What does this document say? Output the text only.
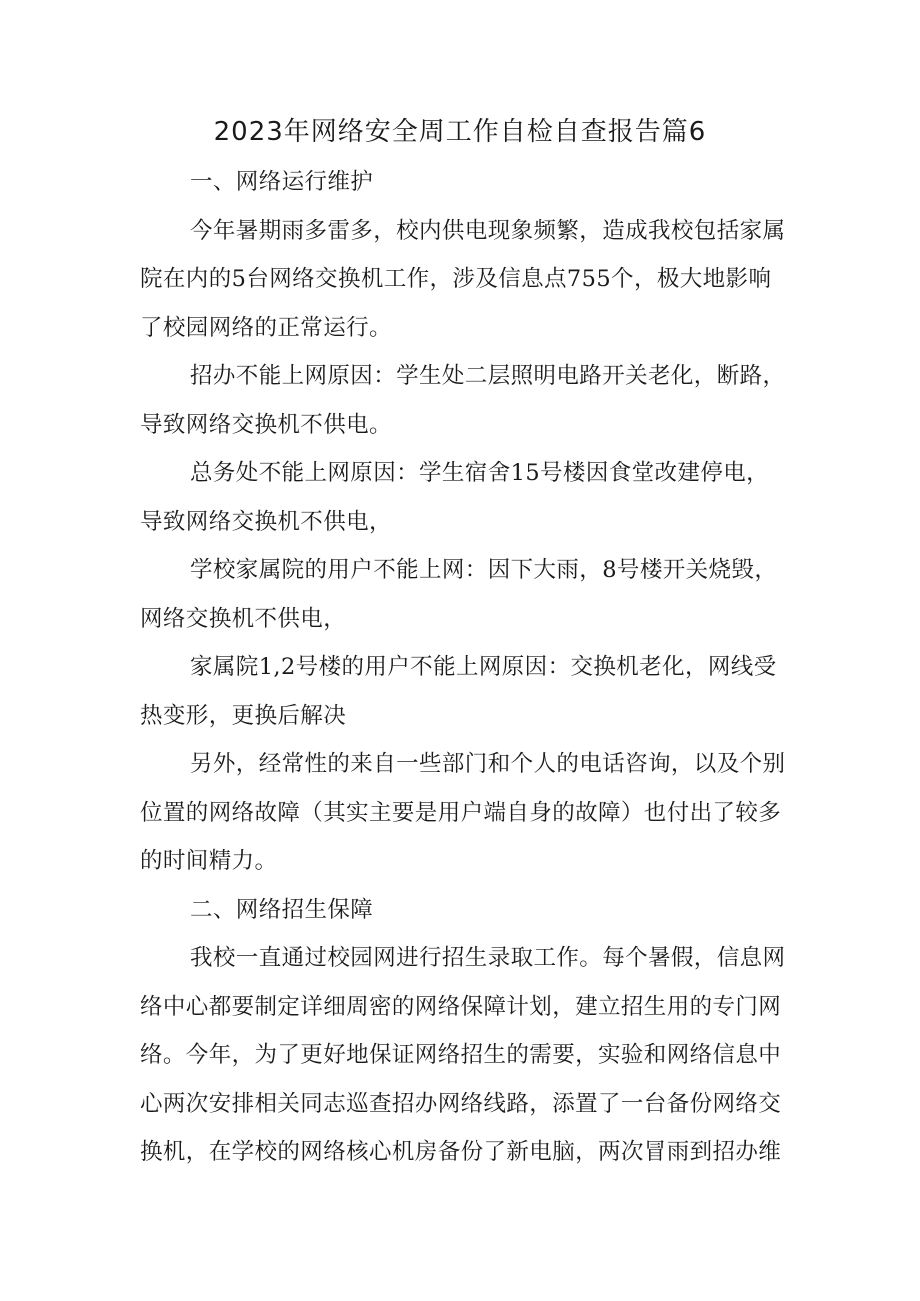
2023年网络安全周工作自检自查报告篇6

一、网络运行维护

今年暑期雨多雷多，校内供电现象频繁，造成我校包括家属

院在内的5台网络交换机工作，涉及信息点755个，极大地影响

了校园网络的正常运行。

招办不能上网原因：学生处二层照明电路开关老化，断路，

导致网络交换机不供电。

总务处不能上网原因：学生宿舍15号楼因食堂改建停电，

导致网络交换机不供电，

学校家属院的用户不能上网：因下大雨，8号楼开关烧毁，

网络交换机不供电，

家属院1,2号楼的用户不能上网原因：交换机老化，网线受

热变形，更换后解决

另外，经常性的来自一些部门和个人的电话咨询，以及个别

位置的网络故障（其实主要是用户端自身的故障）也付出了较多

的时间精力。

二、网络招生保障

我校一直通过校园网进行招生录取工作。每个暑假，信息网

络中心都要制定详细周密的网络保障计划，建立招生用的专门网

络。今年，为了更好地保证网络招生的需要，实验和网络信息中

心两次安排相关同志巡查招办网络线路，添置了一台备份网络交

换机，在学校的网络核心机房备份了新电脑，两次冒雨到招办维
